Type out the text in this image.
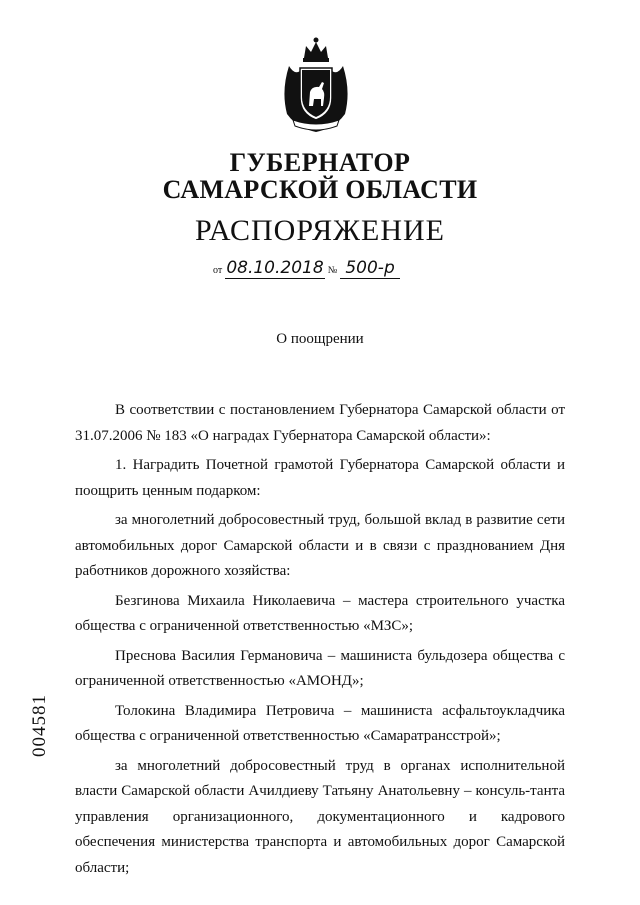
ГУБЕРНАТОР
САМАРСКОЙ ОБЛАСТИ
РАСПОРЯЖЕНИЕ
от 08.10.2018 № 500-р
О поощрении

В соответствии с постановлением Губернатора Самарской области от 31.07.2006 № 183 «О наградах Губернатора Самарской области»:

1. Наградить Почетной грамотой Губернатора Самарской области и поощрить ценным подарком:

за многолетний добросовестный труд, большой вклад в развитие сети автомобильных дорог Самарской области и в связи с празднованием Дня работников дорожного хозяйства:

Безгинова Михаила Николаевича – мастера строительного участка общества с ограниченной ответственностью «МЗС»;

Преснова Василия Германовича – машиниста бульдозера общества с ограниченной ответственностью «АМОНД»;

Толокина Владимира Петровича – машиниста асфальтоукладчика общества с ограниченной ответственностью «Самаратрансстрой»;

за многолетний добросовестный труд в органах исполнительной власти Самарской области Ачилдиеву Татьяну Анатольевну – консуль-танта управления организационного, документационного и кадрового обеспечения министерства транспорта и автомобильных дорог Самарской области;

004581
